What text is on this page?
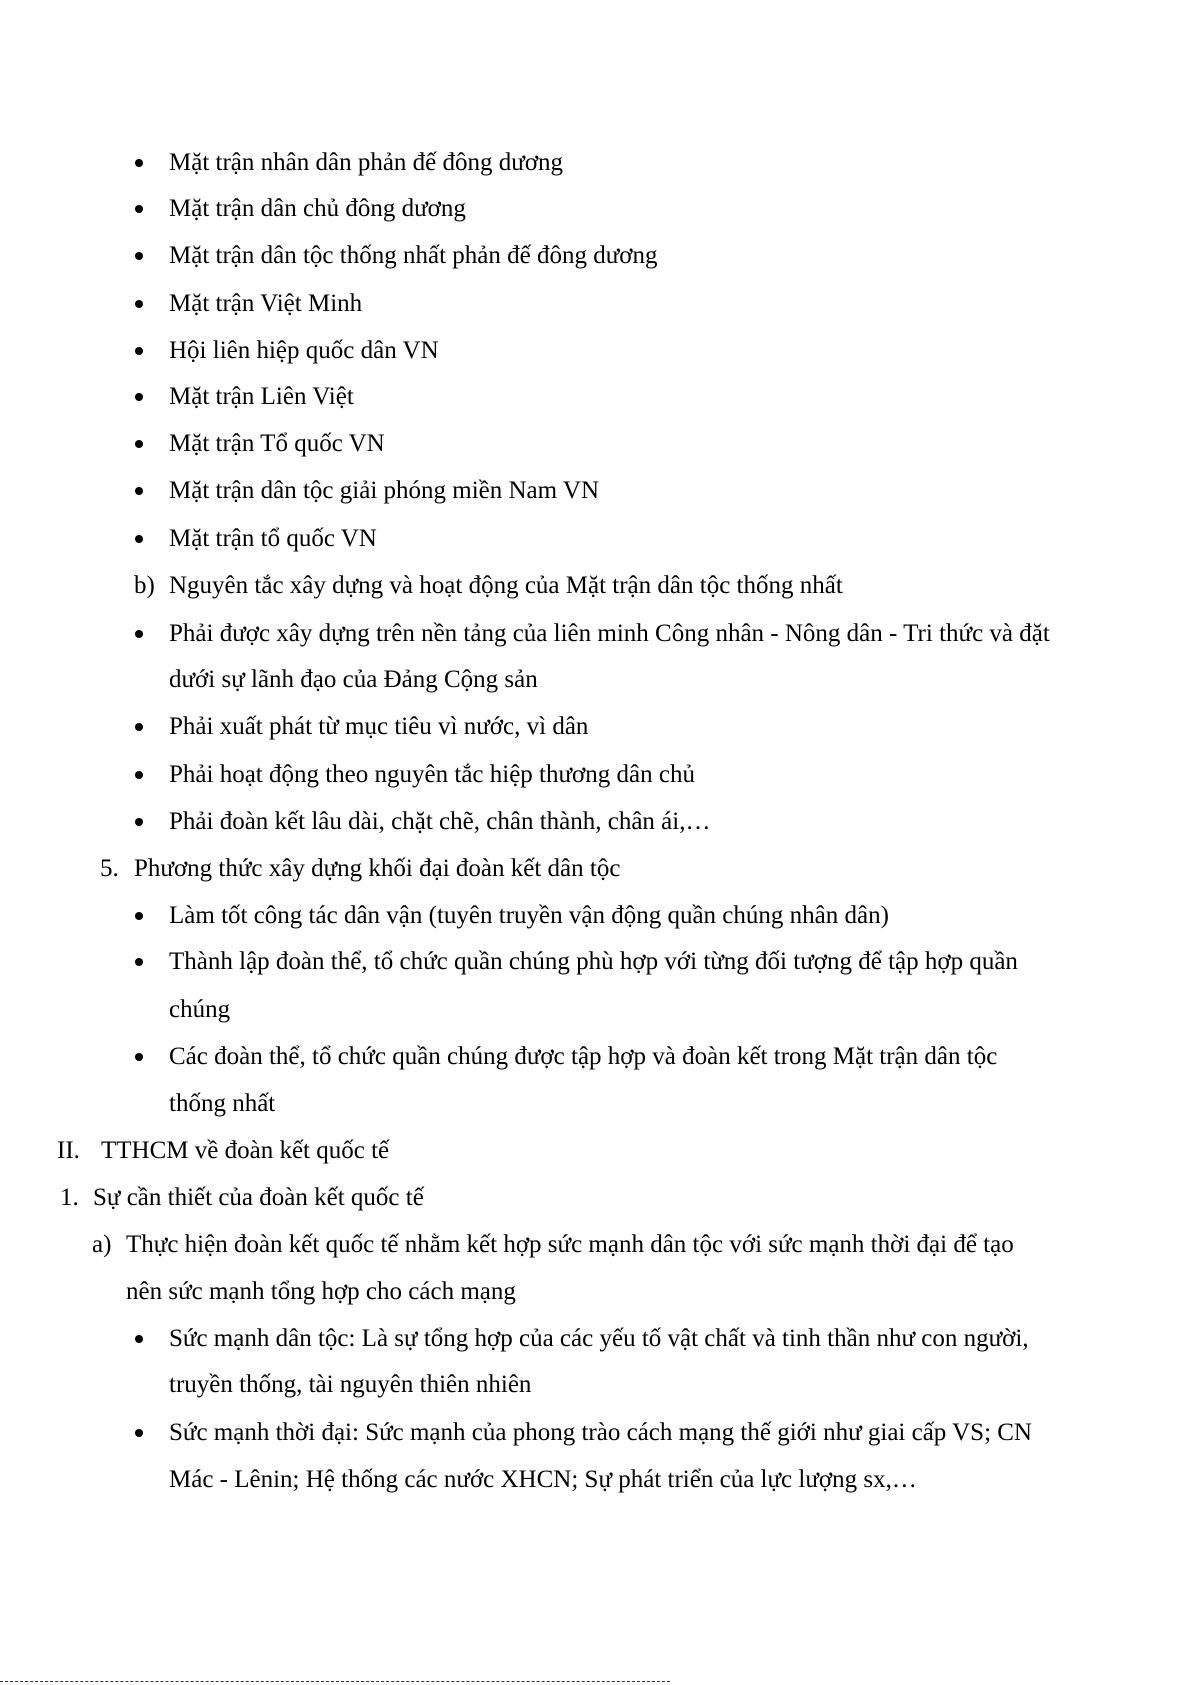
Mặt trận nhân dân phản đế đông dương

Mặt trận dân chủ đông dương

Mặt trận dân tộc thống nhất phản đế đông dương

Mặt trận Việt Minh

Hội liên hiệp quốc dân VN

Mặt trận Liên Việt

Mặt trận Tổ quốc VN

Mặt trận dân tộc giải phóng miền Nam VN

Mặt trận tổ quốc VN

b) Nguyên tắc xây dựng và hoạt động của Mặt trận dân tộc thống nhất

Phải được xây dựng trên nền tảng của liên minh Công nhân - Nông dân - Tri thức và đặt

dưới sự lãnh đạo của Đảng Cộng sản

Phải xuất phát từ mục tiêu vì nước, vì dân

Phải hoạt động theo nguyên tắc hiệp thương dân chủ

Phải đoàn kết lâu dài, chặt chẽ, chân thành, chân ái,…

5. Phương thức xây dựng khối đại đoàn kết dân tộc

Làm tốt công tác dân vận (tuyên truyền vận động quần chúng nhân dân)

Thành lập đoàn thể, tổ chức quần chúng phù hợp với từng đối tượng để tập hợp quần

chúng

Các đoàn thể, tổ chức quần chúng được tập hợp và đoàn kết trong Mặt trận dân tộc

thống nhất

II. TTHCM về đoàn kết quốc tế

1. Sự cần thiết của đoàn kết quốc tế

a) Thực hiện đoàn kết quốc tế nhằm kết hợp sức mạnh dân tộc với sức mạnh thời đại để tạo

nên sức mạnh tổng hợp cho cách mạng

Sức mạnh dân tộc: Là sự tổng hợp của các yếu tố vật chất và tinh thần như con người,

truyền thống, tài nguyên thiên nhiên

Sức mạnh thời đại: Sức mạnh của phong trào cách mạng thế giới như giai cấp VS; CN

Mác - Lênin; Hệ thống các nước XHCN; Sự phát triển của lực lượng sx,…
